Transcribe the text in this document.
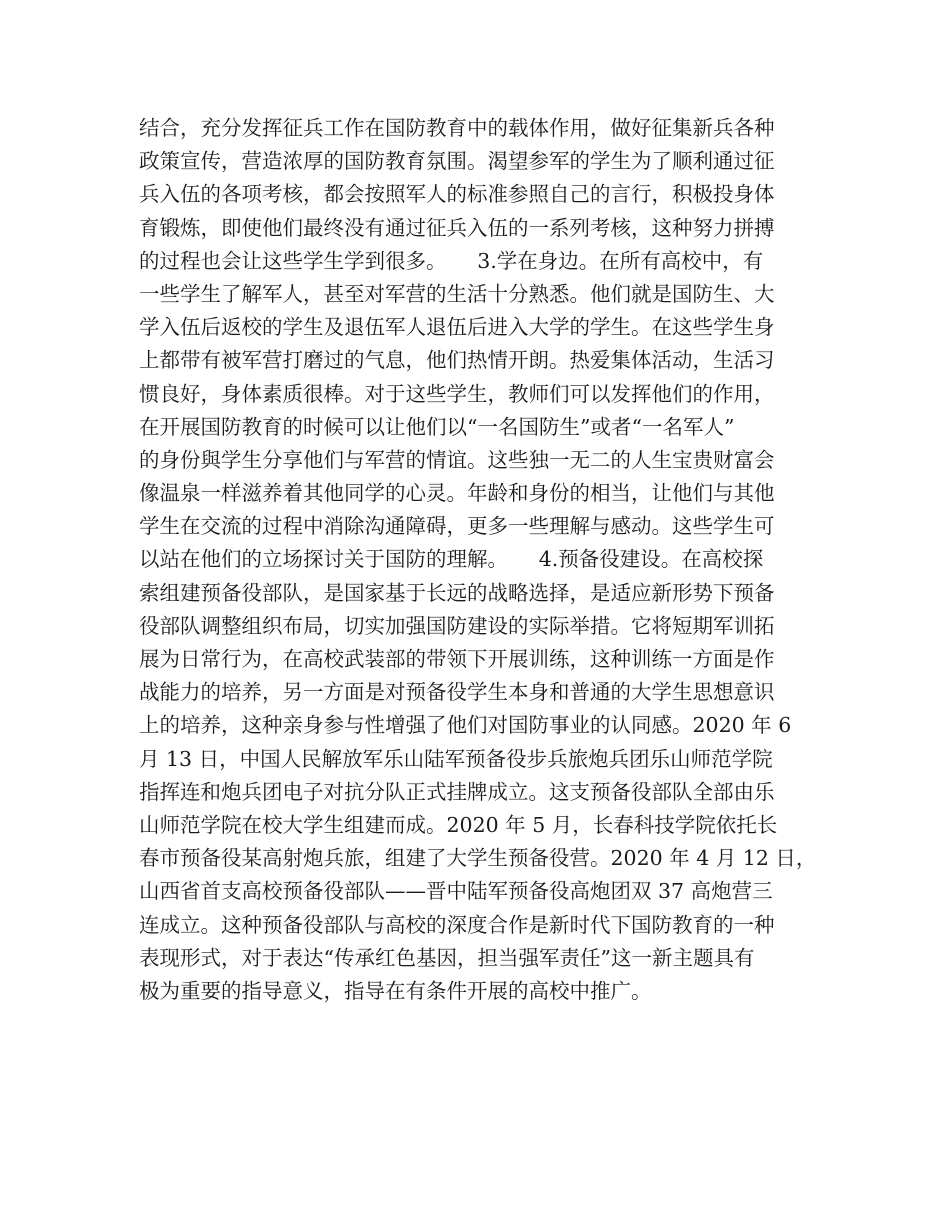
结合，充分发挥征兵工作在国防教育中的载体作用，做好征集新兵各种
政策宣传，营造浓厚的国防教育氛围。渴望参军的学生为了顺利通过征
兵入伍的各项考核，都会按照军人的标准参照自己的言行，积极投身体
育锻炼，即使他们最终没有通过征兵入伍的一系列考核，这种努力拼搏
的过程也会让这些学生学到很多。　　3.学在身边。在所有高校中，有
一些学生了解军人，甚至对军营的生活十分熟悉。他们就是国防生、大
学入伍后返校的学生及退伍军人退伍后进入大学的学生。在这些学生身
上都带有被军营打磨过的气息，他们热情开朗。热爱集体活动，生活习
惯良好，身体素质很棒。对于这些学生，教师们可以发挥他们的作用，
在开展国防教育的时候可以让他们以“一名国防生”或者“一名军人”
的身份與学生分享他们与军营的情谊。这些独一无二的人生宝贵财富会
像温泉一样滋养着其他同学的心灵。年龄和身份的相当，让他们与其他
学生在交流的过程中消除沟通障碍，更多一些理解与感动。这些学生可
以站在他们的立场探讨关于国防的理解。　　4.预备役建设。在高校探
索组建预备役部队，是国家基于长远的战略选择，是适应新形势下预备
役部队调整组织布局，切实加强国防建设的实际举措。它将短期军训拓
展为日常行为，在高校武装部的带领下开展训练，这种训练一方面是作
战能力的培养，另一方面是对预备役学生本身和普通的大学生思想意识
上的培养，这种亲身参与性增强了他们对国防事业的认同感。2020 年 6
月 13 日，中国人民解放军乐山陆军预备役步兵旅炮兵团乐山师范学院
指挥连和炮兵团电子对抗分队正式挂牌成立。这支预备役部队全部由乐
山师范学院在校大学生组建而成。2020 年 5 月，长春科技学院依托长
春市预备役某高射炮兵旅，组建了大学生预备役营。2020 年 4 月 12 日，
山西省首支高校预备役部队——晋中陆军预备役高炮团双 37 高炮营三
连成立。这种预备役部队与高校的深度合作是新时代下国防教育的一种
表现形式，对于表达“传承红色基因，担当强军责任”这一新主题具有
极为重要的指导意义，指导在有条件开展的高校中推广。
